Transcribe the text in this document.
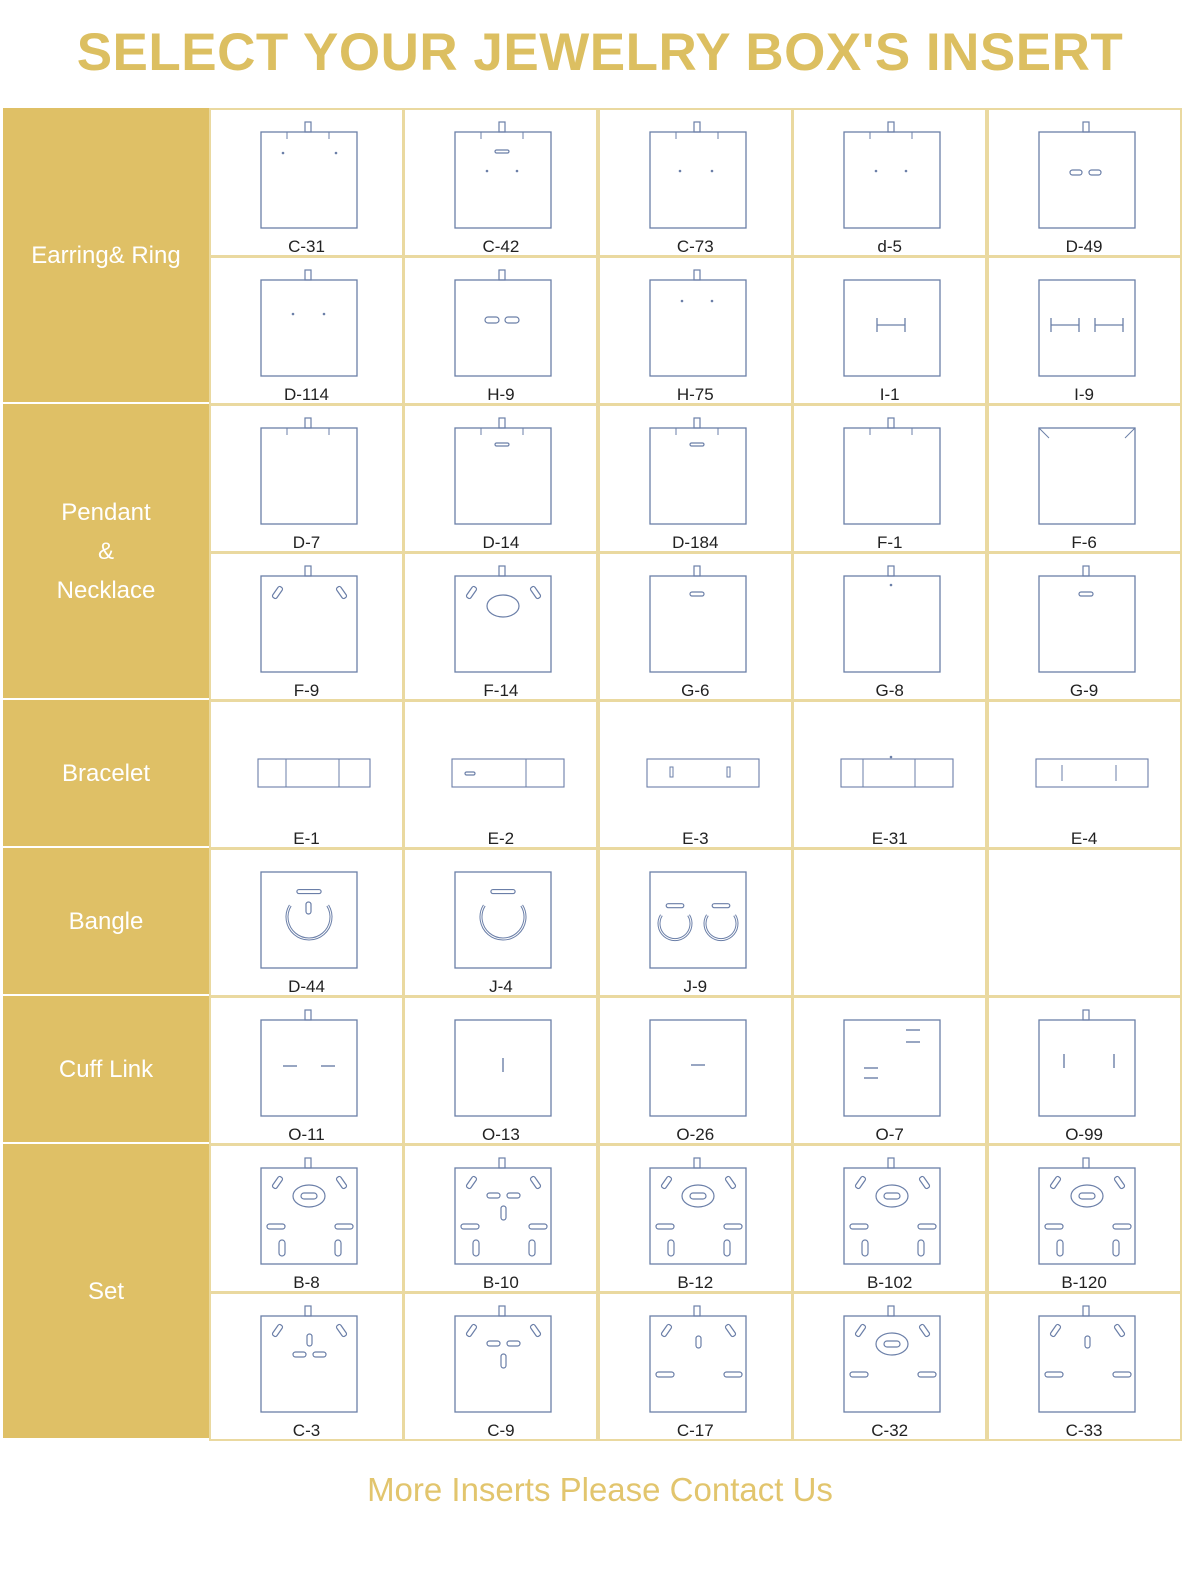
SELECT YOUR JEWELRY BOX'S INSERT
Earring& Ring	C-31	C-42	C-73	d-5	D-49
D-114	H-9	H-75	I-1	I-9
Pendant
&
Necklace
D-7	D-14	D-184	F-1	F-6
F-9	F-14	G-6	G-8	G-9
Bracelet
E-1	E-2	E-3	E-31	E-4
Bangle
D-44	J-4	J-9
Cuff Link
O-11	O-13	O-26	O-7	O-99
Set	B-8	B-10	B-12	B-102	B-120
C-3	C-9	C-17	C-32	C-33

More Inserts Please Contact Us
